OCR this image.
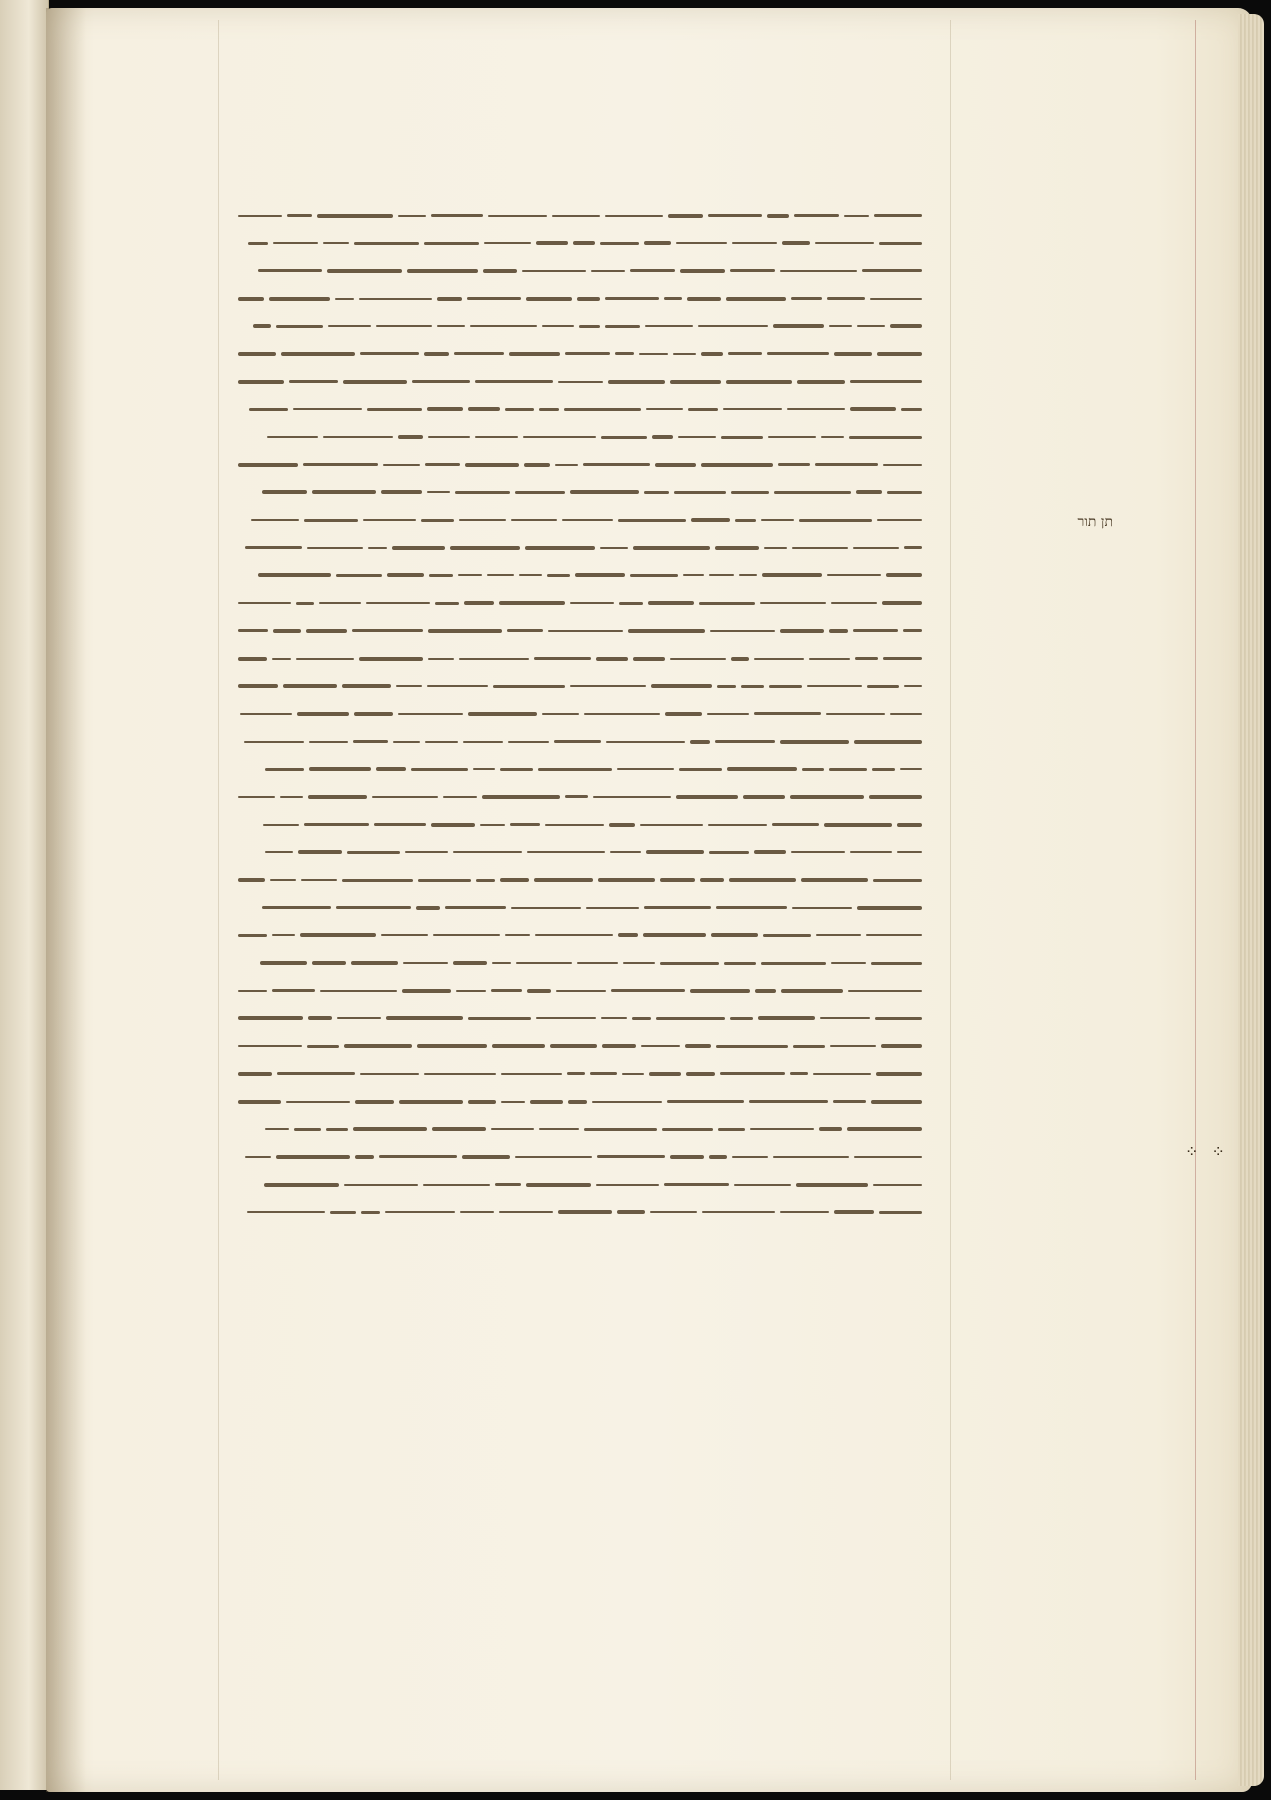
תן תור
⁘ ⁘
